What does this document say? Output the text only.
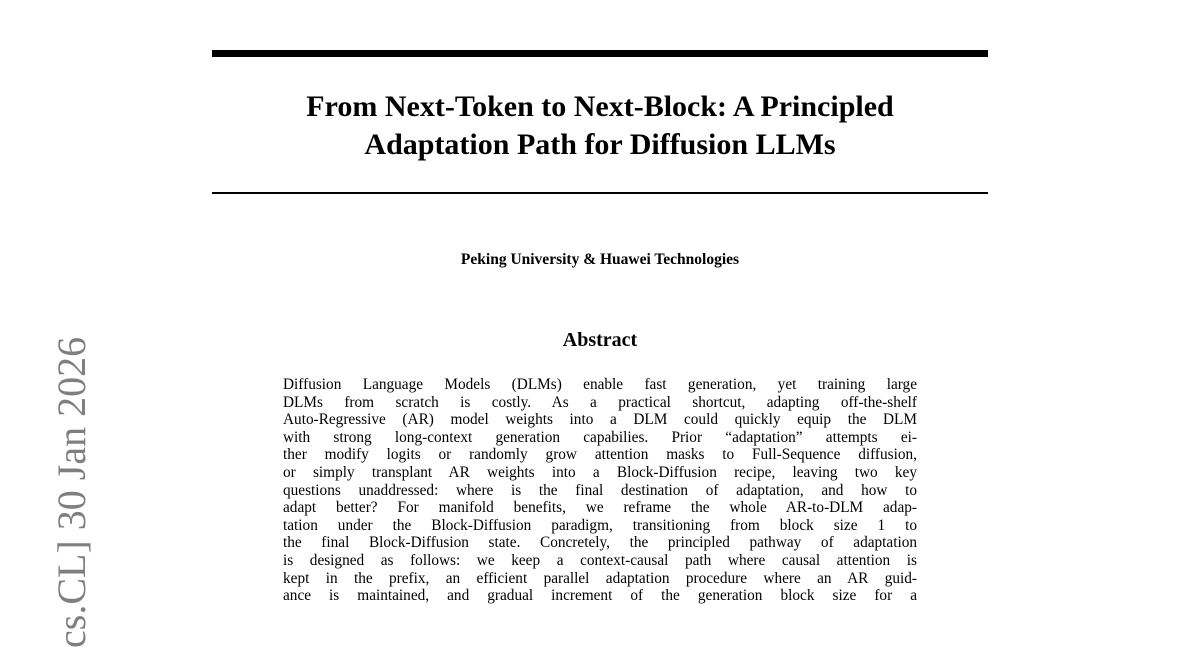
From Next-Token to Next-Block: A Principled
Adaptation Path for Diffusion LLMs

Peking University & Huawei Technologies

Abstract
Diffusion Language Models (DLMs) enable fast generation, yet training large
DLMs from scratch is costly. As a practical shortcut, adapting off-the-shelf
Auto-Regressive (AR) model weights into a DLM could quickly equip the DLM
with strong long-context generation capabilies. Prior “adaptation” attempts ei-
ther modify logits or randomly grow attention masks to Full-Sequence diffusion,
or simply transplant AR weights into a Block-Diffusion recipe, leaving two key
questions unaddressed: where is the final destination of adaptation, and how to
adapt better? For manifold benefits, we reframe the whole AR-to-DLM adap-
tation under the Block-Diffusion paradigm, transitioning from block size 1 to
the final Block-Diffusion state. Concretely, the principled pathway of adaptation
is designed as follows: we keep a context-causal path where causal attention is
kept in the prefix, an efficient parallel adaptation procedure where an AR guid-
ance is maintained, and gradual increment of the generation block size for a
cs.CL] 30 Jan 2026
